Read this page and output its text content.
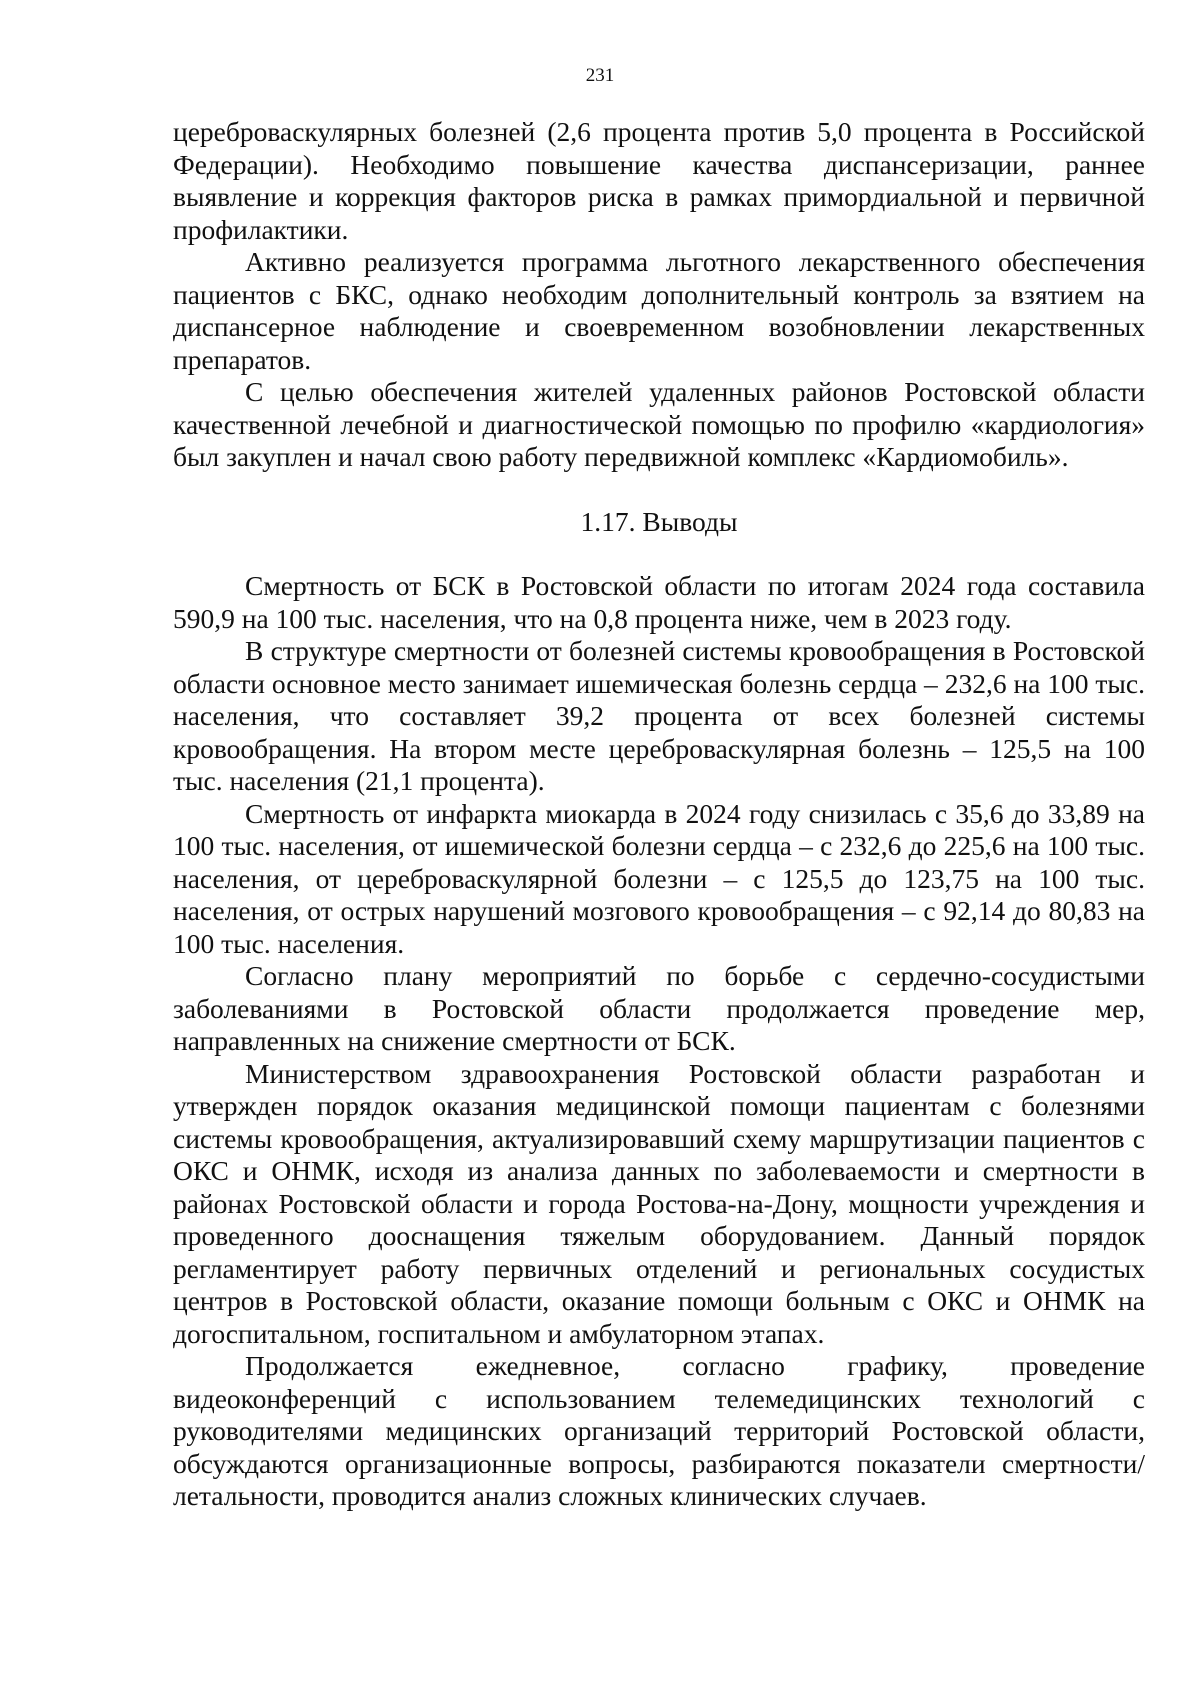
231

цереброваскулярных болезней (2,6 процента против 5,0 процента в Российской Федерации). Необходимо повышение качества диспансеризации, раннее выявление и коррекция факторов риска в рамках примордиальной и первичной профилактики.

Активно реализуется программа льготного лекарственного обеспечения пациентов с БКС, однако необходим дополнительный контроль за взятием на диспансерное наблюдение и своевременном возобновлении лекарственных препаратов.

С целью обеспечения жителей удаленных районов Ростовской области качественной лечебной и диагностической помощью по профилю «кардиология» был закуплен и начал свою работу передвижной комплекс «Кардиомобиль».

1.17. Выводы

Смертность от БСК в Ростовской области по итогам 2024 года составила 590,9 на 100 тыс. населения, что на 0,8 процента ниже, чем в 2023 году.

В структуре смертности от болезней системы кровообращения в Ростовской области основное место занимает ишемическая болезнь сердца – 232,6 на 100 тыс. населения, что составляет 39,2 процента от всех болезней системы кровообращения. На втором месте цереброваскулярная болезнь – 125,5 на 100 тыс. населения (21,1 процента).

Смертность от инфаркта миокарда в 2024 году снизилась с 35,6 до 33,89 на 100 тыс. населения, от ишемической болезни сердца – с 232,6 до 225,6 на 100 тыс. населения, от цереброваскулярной болезни – с 125,5 до 123,75 на 100 тыс. населения, от острых нарушений мозгового кровообращения – с 92,14 до 80,83 на 100 тыс. населения.

Согласно плану мероприятий по борьбе с сердечно-сосудистыми заболеваниями в Ростовской области продолжается проведение мер, направленных на снижение смертности от БСК.

Министерством здравоохранения Ростовской области разработан и утвержден порядок оказания медицинской помощи пациентам с болезнями системы кровообращения, актуализировавший схему маршрутизации пациентов с ОКС и ОНМК, исходя из анализа данных по заболеваемости и смертности в районах Ростовской области и города Ростова-на-Дону, мощности учреждения и проведенного дооснащения тяжелым оборудованием. Данный порядок регламентирует работу первичных отделений и региональных сосудистых центров в Ростовской области, оказание помощи больным с ОКС и ОНМК на догоспитальном, госпитальном и амбулаторном этапах.

Продолжается ежедневное, согласно графику, проведение видеоконференций с использованием телемедицинских технологий с руководителями медицинских организаций территорий Ростовской области, обсуждаются организационные вопросы, разбираются показатели смертности/летальности, проводится анализ сложных клинических случаев.
